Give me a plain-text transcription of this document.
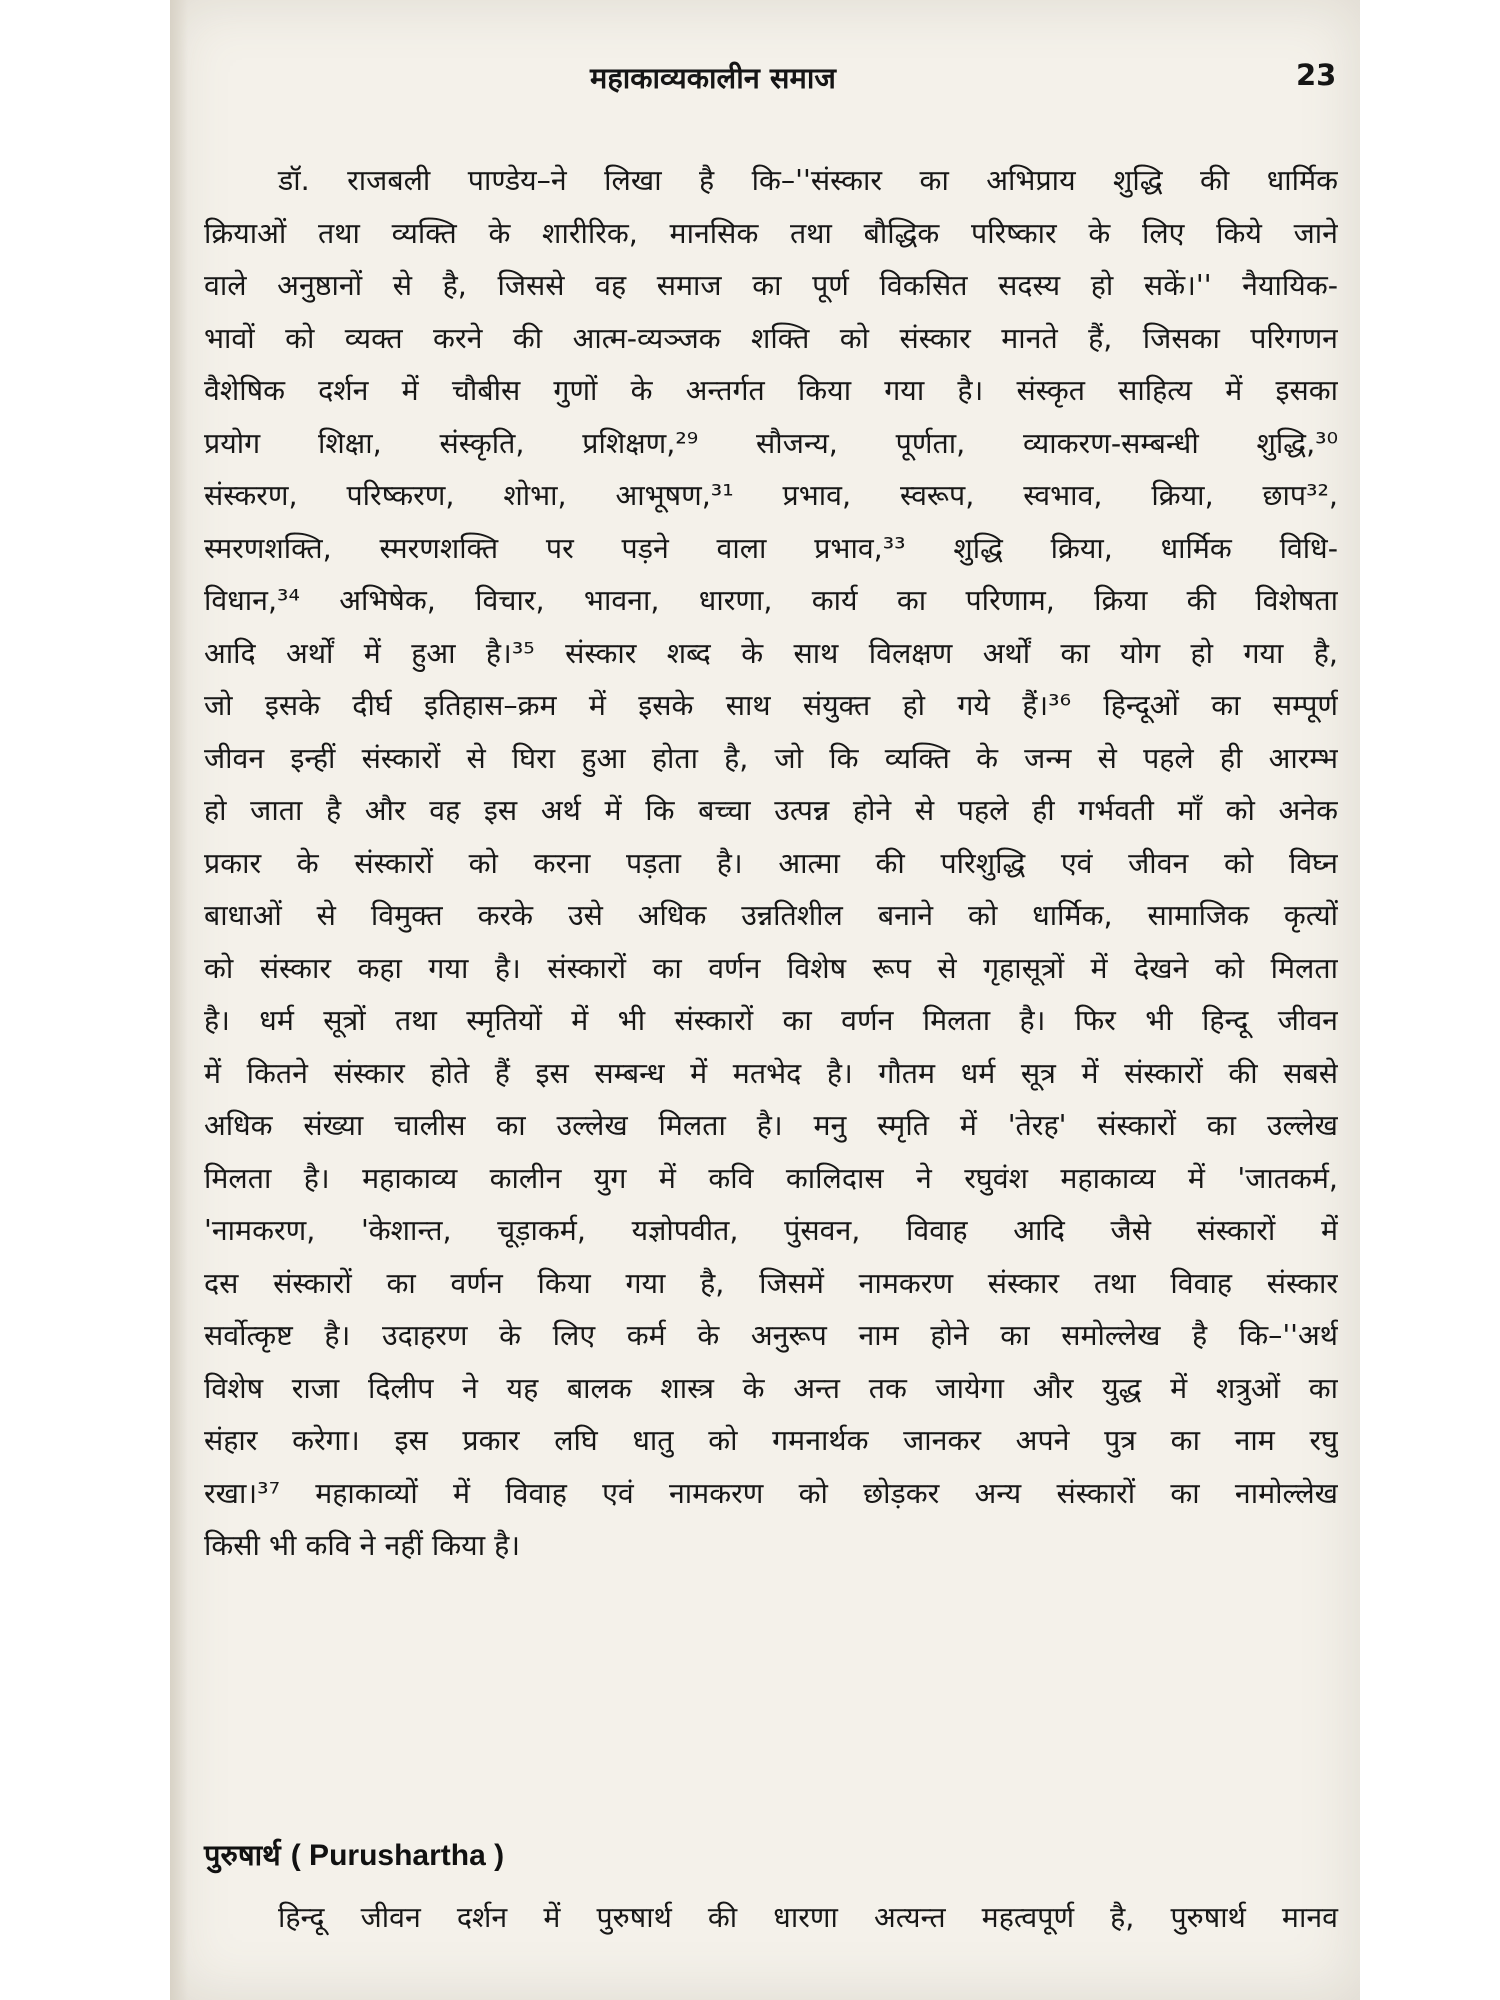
महाकाव्यकालीन समाज	23
डॉ. राजबली पाण्डेय–ने लिखा है कि–''संस्कार का अभिप्राय शुद्धि की धार्मिक
क्रियाओं तथा व्यक्ति के शारीरिक, मानसिक तथा बौद्धिक परिष्कार के लिए किये जाने
वाले अनुष्ठानों से है, जिससे वह समाज का पूर्ण विकसित सदस्य हो सकें।'' नैयायिक-
भावों को व्यक्त करने की आत्म-व्यञ्जक शक्ति को संस्कार मानते हैं, जिसका परिगणन
वैशेषिक दर्शन में चौबीस गुणों के अन्तर्गत किया गया है। संस्कृत साहित्य में इसका
प्रयोग शिक्षा, संस्कृति, प्रशिक्षण,²⁹ सौजन्य, पूर्णता, व्याकरण-सम्बन्धी शुद्धि,³⁰
संस्करण, परिष्करण, शोभा, आभूषण,³¹ प्रभाव, स्वरूप, स्वभाव, क्रिया, छाप³²,
स्मरणशक्ति, स्मरणशक्ति पर पड़ने वाला प्रभाव,³³ शुद्धि क्रिया, धार्मिक विधि-
विधान,³⁴ अभिषेक, विचार, भावना, धारणा, कार्य का परिणाम, क्रिया की विशेषता
आदि अर्थों में हुआ है।³⁵ संस्कार शब्द के साथ विलक्षण अर्थों का योग हो गया है,
जो इसके दीर्घ इतिहास–क्रम में इसके साथ संयुक्त हो गये हैं।³⁶ हिन्दूओं का सम्पूर्ण
जीवन इन्हीं संस्कारों से घिरा हुआ होता है, जो कि व्यक्ति के जन्म से पहले ही आरम्भ
हो जाता है और वह इस अर्थ में कि बच्चा उत्पन्न होने से पहले ही गर्भवती माँ को अनेक
प्रकार के संस्कारों को करना पड़ता है। आत्मा की परिशुद्धि एवं जीवन को विघ्न
बाधाओं से विमुक्त करके उसे अधिक उन्नतिशील बनाने को धार्मिक, सामाजिक कृत्यों
को संस्कार कहा गया है। संस्कारों का वर्णन विशेष रूप से गृहासूत्रों में देखने को मिलता
है। धर्म सूत्रों तथा स्मृतियों में भी संस्कारों का वर्णन मिलता है। फिर भी हिन्दू जीवन
में कितने संस्कार होते हैं इस सम्बन्ध में मतभेद है। गौतम धर्म सूत्र में संस्कारों की सबसे
अधिक संख्या चालीस का उल्लेख मिलता है। मनु स्मृति में 'तेरह' संस्कारों का उल्लेख
मिलता है। महाकाव्य कालीन युग में कवि कालिदास ने रघुवंश महाकाव्य में 'जातकर्म,
'नामकरण, 'केशान्त, चूड़ाकर्म, यज्ञोपवीत, पुंसवन, विवाह आदि जैसे संस्कारों में
दस संस्कारों का वर्णन किया गया है, जिसमें नामकरण संस्कार तथा विवाह संस्कार
सर्वोत्कृष्ट है। उदाहरण के लिए कर्म के अनुरूप नाम होने का समोल्लेख है कि–''अर्थ
विशेष राजा दिलीप ने यह बालक शास्त्र के अन्त तक जायेगा और युद्ध में शत्रुओं का
संहार करेगा। इस प्रकार लघि धातु को गमनार्थक जानकर अपने पुत्र का नाम रघु
रखा।³⁷ महाकाव्यों में विवाह एवं नामकरण को छोड़कर अन्य संस्कारों का नामोल्लेख
किसी भी कवि ने नहीं किया है।
पुरुषार्थ ( Purushartha )
हिन्दू जीवन दर्शन में पुरुषार्थ की धारणा अत्यन्त महत्वपूर्ण है, पुरुषार्थ मानव
